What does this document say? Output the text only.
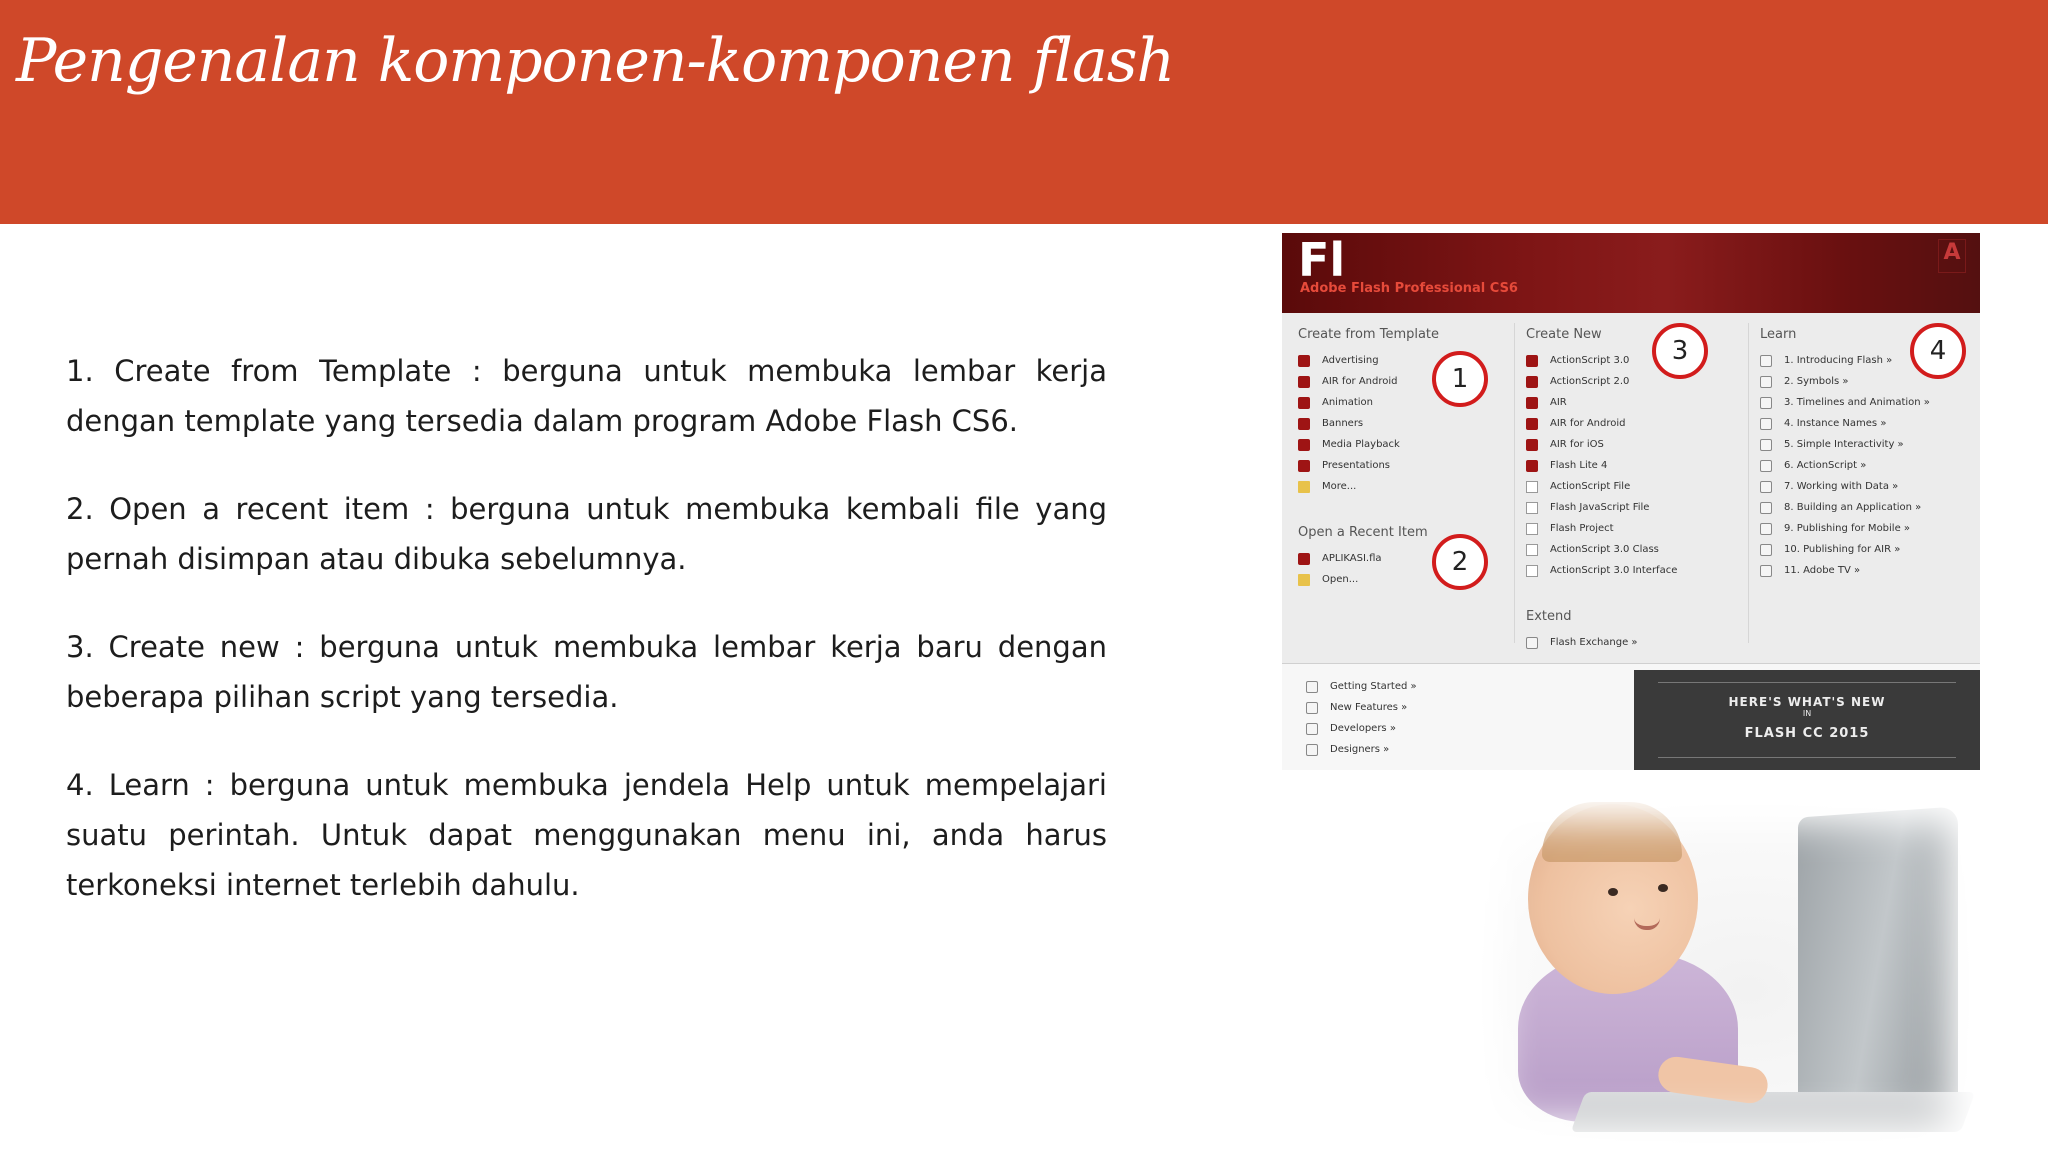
Pengenalan komponen-komponen flash

1. Create from Template : berguna untuk membuka lembar kerja dengan template yang tersedia dalam program Adobe Flash CS6.

2. Open a recent item : berguna untuk membuka kembali file yang pernah disimpan atau dibuka sebelumnya.

3. Create new : berguna untuk membuka lembar kerja baru dengan beberapa pilihan script yang tersedia.

4. Learn : berguna untuk membuka jendela Help untuk mempelajari suatu perintah. Untuk dapat menggunakan menu ini, anda harus terkoneksi internet terlebih dahulu.

Fl
Adobe Flash Professional CS6
A
Create from Template
Advertising
AIR for Android
Animation
Banners
Media Playback
Presentations
More...
Open a Recent Item
APLIKASI.fla
Open...
Create New
ActionScript 3.0
ActionScript 2.0
AIR
AIR for Android
AIR for iOS
Flash Lite 4
ActionScript File
Flash JavaScript File
Flash Project
ActionScript 3.0 Class
ActionScript 3.0 Interface
Extend
Flash Exchange »
Learn
1. Introducing Flash »
2. Symbols »
3. Timelines and Animation »
4. Instance Names »
5. Simple Interactivity »
6. ActionScript »
7. Working with Data »
8. Building an Application »
9. Publishing for Mobile »
10. Publishing for AIR »
11. Adobe TV »
1
2
3	4
Getting Started »
New Features »
Developers »
Designers »
HERE'S WHAT'S NEW
IN
FLASH CC 2015
